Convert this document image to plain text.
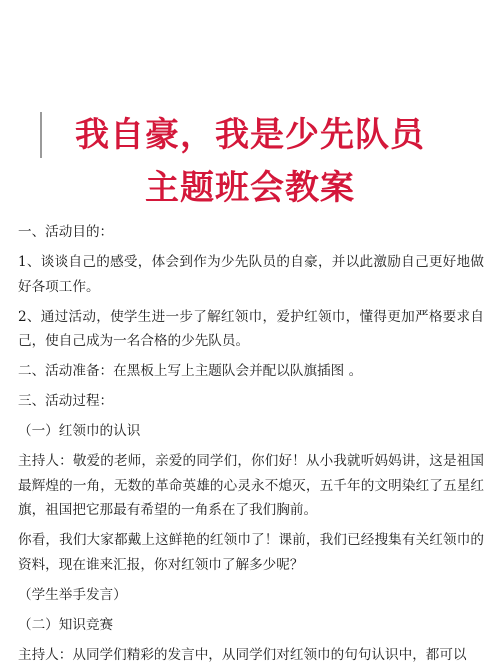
我自豪，我是少先队员
主题班会教案

一、活动目的：

1、谈谈自己的感受，体会到作为少先队员的自豪，并以此激励自己更好地做好各项工作。

2、通过活动，使学生进一步了解红领巾，爱护红领巾，懂得更加严格要求自己，使自己成为一名合格的少先队员。

二、活动准备：在黑板上写上主题队会并配以队旗插图 。

三、活动过程：

（一）红领巾的认识

主持人：敬爱的老师，亲爱的同学们，你们好！从小我就听妈妈讲，这是祖国最辉煌的一角，无数的革命英雄的心灵永不熄灭，五千年的文明染红了五星红旗，祖国把它那最有希望的一角系在了我们胸前。

你看，我们大家都戴上这鲜艳的红领巾了！课前，我们已经搜集有关红领巾的资料，现在谁来汇报，你对红领巾了解多少呢？

（学生举手发言）

（二）知识竞赛

主持人：从同学们精彩的发言中，从同学们对红领巾的句句认识中，都可以
